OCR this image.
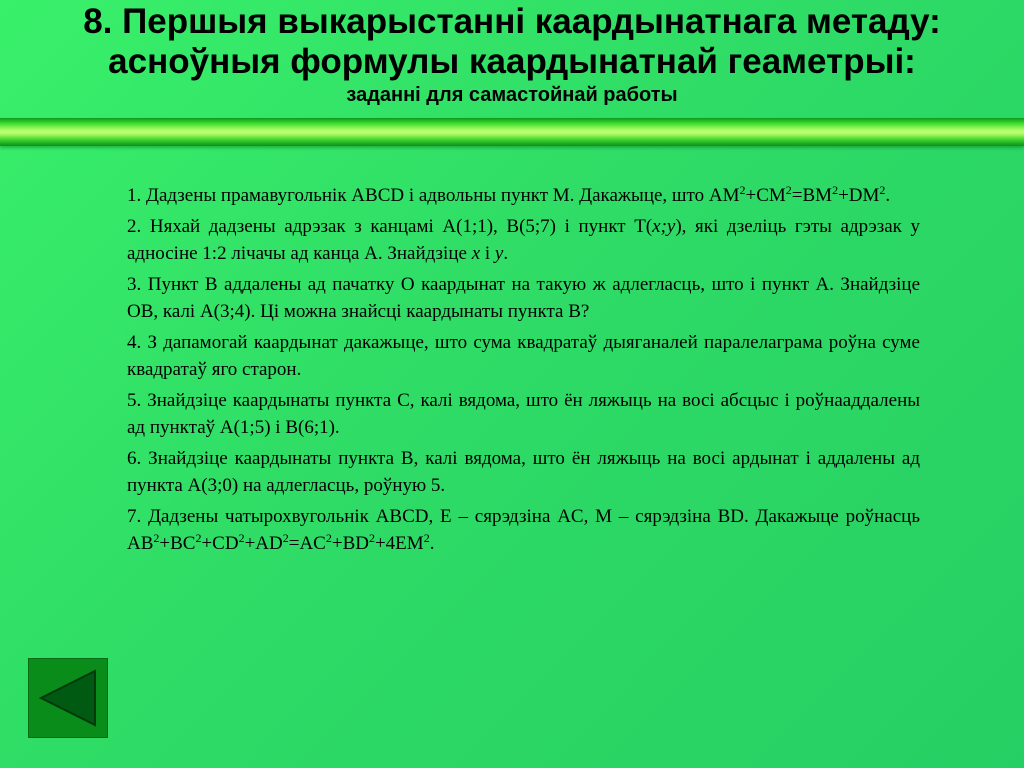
8. Першыя выкарыстанні каардынатнага метаду:
асноўныя формулы каардынатнай геаметрыі:
заданні для самастойнай работы
1. Дадзены прамавугольнік ABCD і адвольны пункт M. Дакажыце, што $AM^2+CM^2=BM^2+DM^2$.
2. Няхай дадзены адрэзак з канцамі A(1;1), B(5;7) і пункт T(x;y), які дзеліць гэты адрэзак у адносіне 1:2 лічачы ад канца A. Знайдзіце x і y.
3. Пункт B аддалены ад пачатку O каардынат на такую ж адлегласць, што і пункт A. Знайдзіце OB, калі A(3;4). Ці можна знайсці каардынаты пункта B?
4. З дапамогай каардынат дакажыце, што сума квадратаў дыяганалей паралелаграма роўна суме квадратаў яго старон.
5. Знайдзіце каардынаты пункта C, калі вядома, што ён ляжыць на восі абсцыс і роўнааддалены ад пунктаў A(1;5) і B(6;1).
6. Знайдзіце каардынаты пункта B, калі вядома, што ён ляжыць на восі ардынат і аддалены ад пункта A(3;0) на адлегласць, роўную 5.
7. Дадзены чатырохвугольнік ABCD, E – сярэдзіна AC, M – сярэдзіна BD. Дакажыце роўнасць $AB^2+BC^2+CD^2+AD^2=AC^2+BD^2+4EM^2$.
